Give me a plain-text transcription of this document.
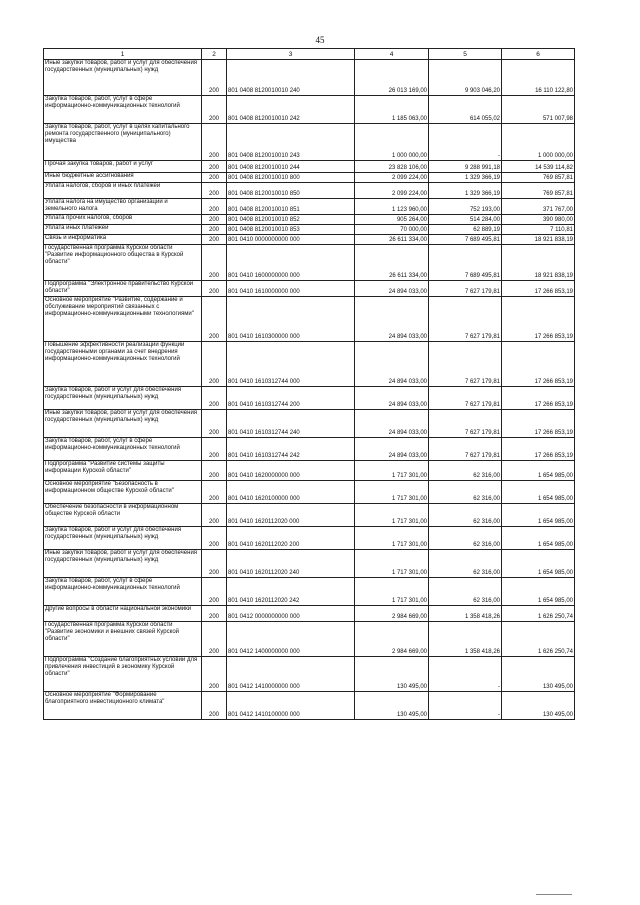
45
1	2	3	4	5	6
Иные закупки товаров, работ и услуг для обеспечения государственных (муниципальных) нужд	200	801 0408 8120010010 240	26 013 169,00	9 903 046,20	16 110 122,80
Закупка товаров, работ, услуг в сфере информационно-коммуникационных технологий	200	801 0408 8120010010 242	1 185 063,00	614 055,02	571 007,98
Закупка товаров, работ, услуг в целях капитального ремонта государственного (муниципального) имущества	200	801 0408 8120010010 243	1 000 000,00	-	1 000 000,00
Прочая закупка товаров, работ и услуг	200	801 0408 8120010010 244	23 828 106,00	9 288 991,18	14 539 114,82
Иные бюджетные ассигнования	200	801 0408 8120010010 800	2 099 224,00	1 329 366,19	769 857,81
Уплата налогов, сборов и иных платежей	200	801 0408 8120010010 850	2 099 224,00	1 329 366,19	769 857,81
Уплата налога на имущество организаций и земельного налога	200	801 0408 8120010010 851	1 123 960,00	752 193,00	371 767,00
Уплата прочих налогов, сборов	200	801 0408 8120010010 852	905 264,00	514 284,00	390 980,00
Уплата иных платежей	200	801 0408 8120010010 853	70 000,00	62 889,19	7 110,81
Связь и информатика	200	801 0410 0000000000 000	26 611 334,00	7 689 495,81	18 921 838,19
Государственная программа Курской области "Развитие информационного общества в Курской области"	200	801 0410 1600000000 000	26 611 334,00	7 689 495,81	18 921 838,19
Подпрограмма "Электронное правительство Курской области"	200	801 0410 1610000000 000	24 894 033,00	7 627 179,81	17 266 853,19
Основное мероприятие "Развитие, содержание и обслуживание мероприятий связанных с информационно-коммуникационными технологиями"	200	801 0410 1610300000 000	24 894 033,00	7 627 179,81	17 266 853,19
Повышение эффективности реализации функций государственными органами за счет внедрения информационно-коммуникационных технологий	200	801 0410 1610312744 000	24 894 033,00	7 627 179,81	17 266 853,19
Закупка товаров, работ и услуг для обеспечения государственных (муниципальных) нужд	200	801 0410 1610312744 200	24 894 033,00	7 627 179,81	17 266 853,19
Иные закупки товаров, работ и услуг для обеспечения государственных (муниципальных) нужд	200	801 0410 1610312744 240	24 894 033,00	7 627 179,81	17 266 853,19
Закупка товаров, работ, услуг в сфере информационно-коммуникационных технологий	200	801 0410 1610312744 242	24 894 033,00	7 627 179,81	17 266 853,19
Подпрограмма "Развитие системы защиты информации Курской области"	200	801 0410 1620000000 000	1 717 301,00	62 316,00	1 654 985,00
Основное мероприятие "Безопасность в информационном обществе Курской области"	200	801 0410 1620100000 000	1 717 301,00	62 316,00	1 654 985,00
Обеспечение безопасности в информационном обществе Курской области	200	801 0410 1620112020 000	1 717 301,00	62 316,00	1 654 985,00
Закупка товаров, работ и услуг для обеспечения государственных (муниципальных) нужд	200	801 0410 1620112020 200	1 717 301,00	62 316,00	1 654 985,00
Иные закупки товаров, работ и услуг для обеспечения государственных (муниципальных) нужд	200	801 0410 1620112020 240	1 717 301,00	62 316,00	1 654 985,00
Закупка товаров, работ, услуг в сфере информационно-коммуникационных технологий	200	801 0410 1620112020 242	1 717 301,00	62 316,00	1 654 985,00
Другие вопросы в области национальной экономики	200	801 0412 0000000000 000	2 984 669,00	1 358 418,26	1 626 250,74
Государственная программа Курской области "Развитие экономики и внешних связей Курской области"	200	801 0412 1400000000 000	2 984 669,00	1 358 418,26	1 626 250,74
Подпрограмма "Создание благоприятных условий для привлечения инвестиций в экономику Курской области"	200	801 0412 1410000000 000	130 495,00	-	130 495,00
Основное мероприятие "Формирование благоприятного инвестиционного климата"	200	801 0412 1410100000 000	130 495,00	-	130 495,00
